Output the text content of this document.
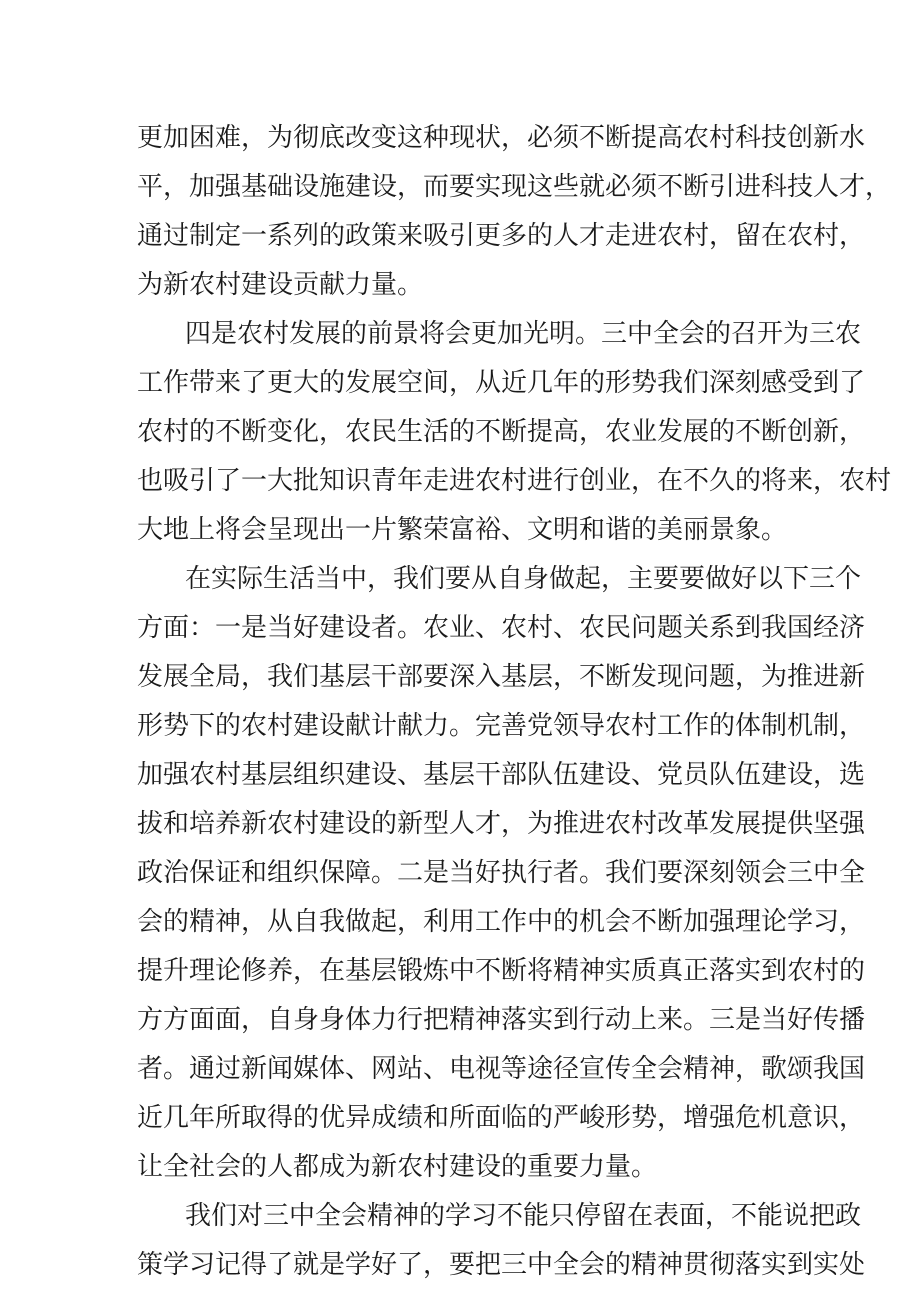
更加困难，为彻底改变这种现状，必须不断提高农村科技创新水
平，加强基础设施建设，而要实现这些就必须不断引进科技人才，
通过制定一系列的政策来吸引更多的人才走进农村，留在农村，
为新农村建设贡献力量。
四是农村发展的前景将会更加光明。三中全会的召开为三农
工作带来了更大的发展空间，从近几年的形势我们深刻感受到了
农村的不断变化，农民生活的不断提高，农业发展的不断创新，
也吸引了一大批知识青年走进农村进行创业，在不久的将来，农村
大地上将会呈现出一片繁荣富裕、文明和谐的美丽景象。
在实际生活当中，我们要从自身做起，主要要做好以下三个
方面：一是当好建设者。农业、农村、农民问题关系到我国经济
发展全局，我们基层干部要深入基层，不断发现问题，为推进新
形势下的农村建设献计献力。完善党领导农村工作的体制机制，
加强农村基层组织建设、基层干部队伍建设、党员队伍建设，选
拔和培养新农村建设的新型人才，为推进农村改革发展提供坚强
政治保证和组织保障。二是当好执行者。我们要深刻领会三中全
会的精神，从自我做起，利用工作中的机会不断加强理论学习，
提升理论修养，在基层锻炼中不断将精神实质真正落实到农村的
方方面面，自身身体力行把精神落实到行动上来。三是当好传播
者。通过新闻媒体、网站、电视等途径宣传全会精神，歌颂我国
近几年所取得的优异成绩和所面临的严峻形势，增强危机意识，
让全社会的人都成为新农村建设的重要力量。
我们对三中全会精神的学习不能只停留在表面，不能说把政
策学习记得了就是学好了，要把三中全会的精神贯彻落实到实处
